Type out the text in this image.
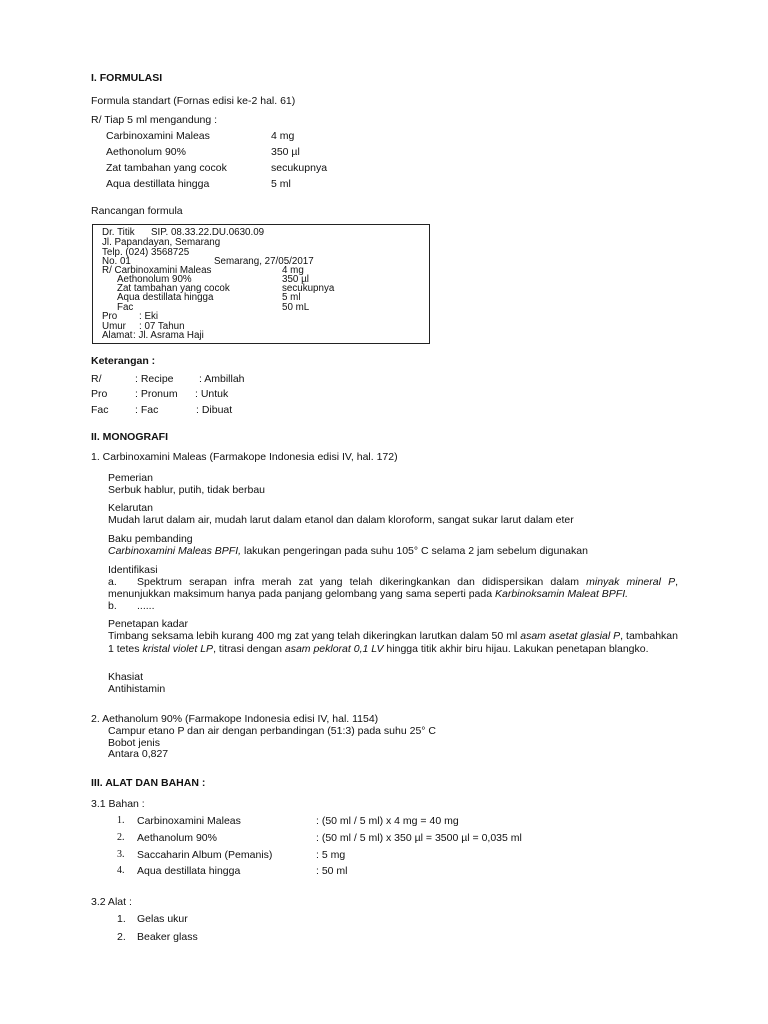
I. FORMULASI
Formula standart (Fornas edisi ke-2 hal. 61)
R/ Tiap 5 ml mengandung :
Carbinoxamini Maleas	4 mg
Aethonolum 90%	350 µl
Zat tambahan yang cocok	secukupnya
Aqua destillata hingga	5 ml
Rancangan formula
Dr. Titik SIP. 08.33.22.DU.0630.09
Jl. Papandayan, Semarang
Telp. (024) 3568725
No. 01	Semarang, 27/05/2017
R/ Carbinoxamini Maleas	4 mg
Aethonolum 90%	350 µl
Zat tambahan yang cocok	secukupnya
Aqua destillata hingga	5 ml
Fac	50 mL
Pro : Eki
Umur : 07 Tahun
Alamat : Jl. Asrama Haji
Keterangan :
R/	: Recipe : Ambillah
Pro	: Pronum : Untuk
Fac	: Fac	: Dibuat
II. MONOGRAFI
1. Carbinoxamini Maleas (Farmakope Indonesia edisi IV, hal. 172)
Pemerian
Serbuk hablur, putih, tidak berbau
Kelarutan
Mudah larut dalam air, mudah larut dalam etanol dan dalam kloroform, sangat sukar larut dalam eter
Baku pembanding
Carbinoxamini Maleas BPFI, lakukan pengeringan pada suhu 105° C selama 2 jam sebelum digunakan
Identifikasi
a. Spektrum serapan infra merah zat yang telah dikeringkankan dan didispersikan dalam minyak mineral P,
menunjukkan maksimum hanya pada panjang gelombang yang sama seperti pada Karbinoksamin Maleat BPFI.
b. ......
Penetapan kadar
Timbang seksama lebih kurang 400 mg zat yang telah dikeringkan larutkan dalam 50 ml asam asetat glasial P, tambahkan 1 tetes kristal violet LP, titrasi dengan asam peklorat 0,1 LV hingga titik akhir biru hijau. Lakukan penetapan blangko.
Khasiat
Antihistamin
2. Aethanolum 90% (Farmakope Indonesia edisi IV, hal. 1154)
Campur etano P dan air dengan perbandingan (51:3) pada suhu 25° C
Bobot jenis
Antara 0,827
III. ALAT DAN BAHAN :
3.1 Bahan :
1. Carbinoxamini Maleas	: (50 ml / 5 ml) x 4 mg = 40 mg
2. Aethanolum 90%	: (50 ml / 5 ml) x 350 µl = 3500 µl = 0,035 ml
3. Saccaharin Album (Pemanis)	: 5 mg
4. Aqua destillata hingga	: 50 ml
3.2 Alat :
1. Gelas ukur
2. Beaker glass
